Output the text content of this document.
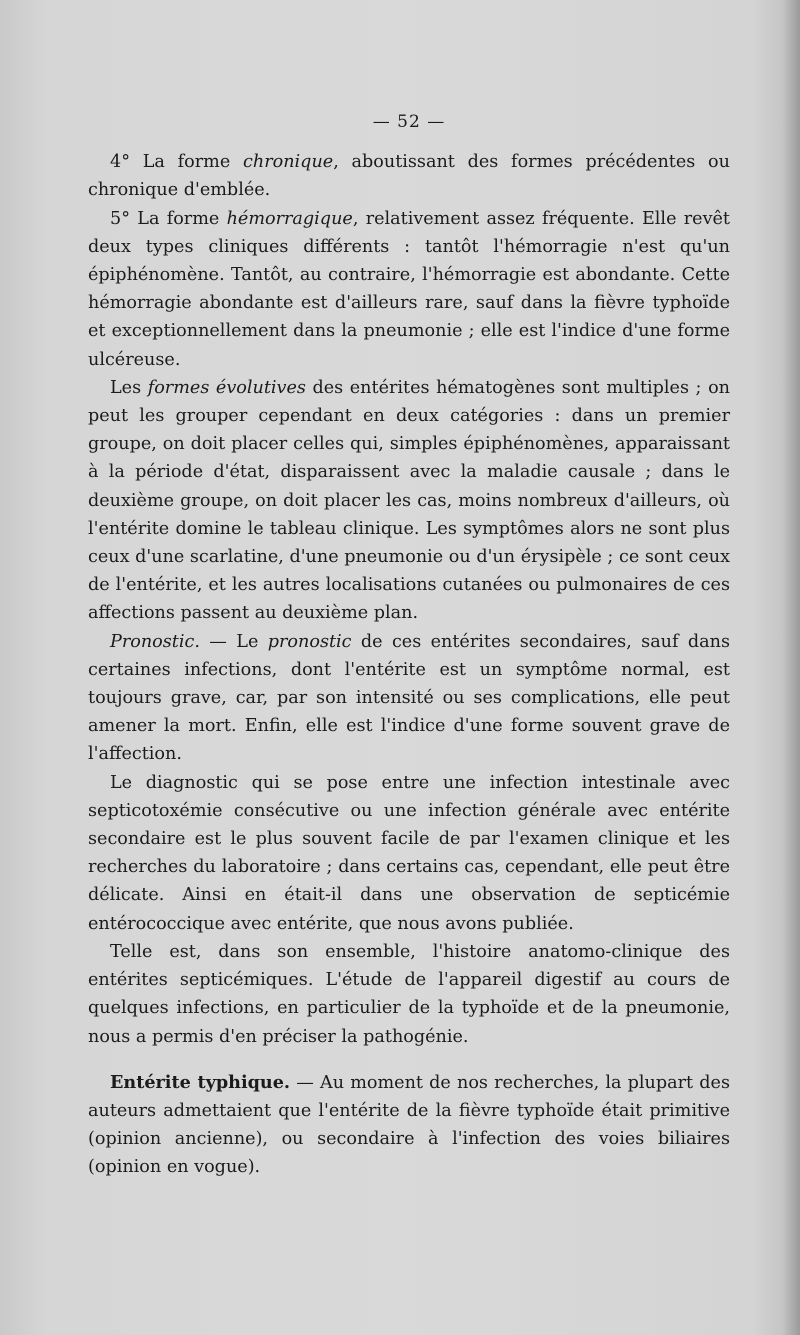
— 52 —

4° La forme chronique, aboutissant des formes précédentes ou chronique d'emblée.

5° La forme hémorragique, relativement assez fréquente. Elle revêt deux types cliniques différents : tantôt l'hémorragie n'est qu'un épiphénomène. Tantôt, au contraire, l'hémorragie est abondante. Cette hémorragie abondante est d'ailleurs rare, sauf dans la fièvre typhoïde et exceptionnellement dans la pneumonie ; elle est l'indice d'une forme ulcéreuse.

Les formes évolutives des entérites hématogènes sont multiples ; on peut les grouper cependant en deux catégories : dans un premier groupe, on doit placer celles qui, simples épiphénomènes, apparaissant à la période d'état, disparaissent avec la maladie causale ; dans le deuxième groupe, on doit placer les cas, moins nombreux d'ailleurs, où l'entérite domine le tableau clinique. Les symptômes alors ne sont plus ceux d'une scarlatine, d'une pneumonie ou d'un érysipèle ; ce sont ceux de l'entérite, et les autres localisations cutanées ou pulmonaires de ces affections passent au deuxième plan.

Pronostic. — Le pronostic de ces entérites secondaires, sauf dans certaines infections, dont l'entérite est un symptôme normal, est toujours grave, car, par son intensité ou ses complications, elle peut amener la mort. Enfin, elle est l'indice d'une forme souvent grave de l'affection.

Le diagnostic qui se pose entre une infection intestinale avec septicotoxémie consécutive ou une infection générale avec entérite secondaire est le plus souvent facile de par l'examen clinique et les recherches du laboratoire ; dans certains cas, cependant, elle peut être délicate. Ainsi en était-il dans une observation de septicémie entérococcique avec entérite, que nous avons publiée.

Telle est, dans son ensemble, l'histoire anatomo-clinique des entérites septicémiques. L'étude de l'appareil digestif au cours de quelques infections, en particulier de la typhoïde et de la pneumonie, nous a permis d'en préciser la pathogénie.

Entérite typhique. — Au moment de nos recherches, la plupart des auteurs admettaient que l'entérite de la fièvre typhoïde était primitive (opinion ancienne), ou secondaire à l'infection des voies biliaires (opinion en vogue).
